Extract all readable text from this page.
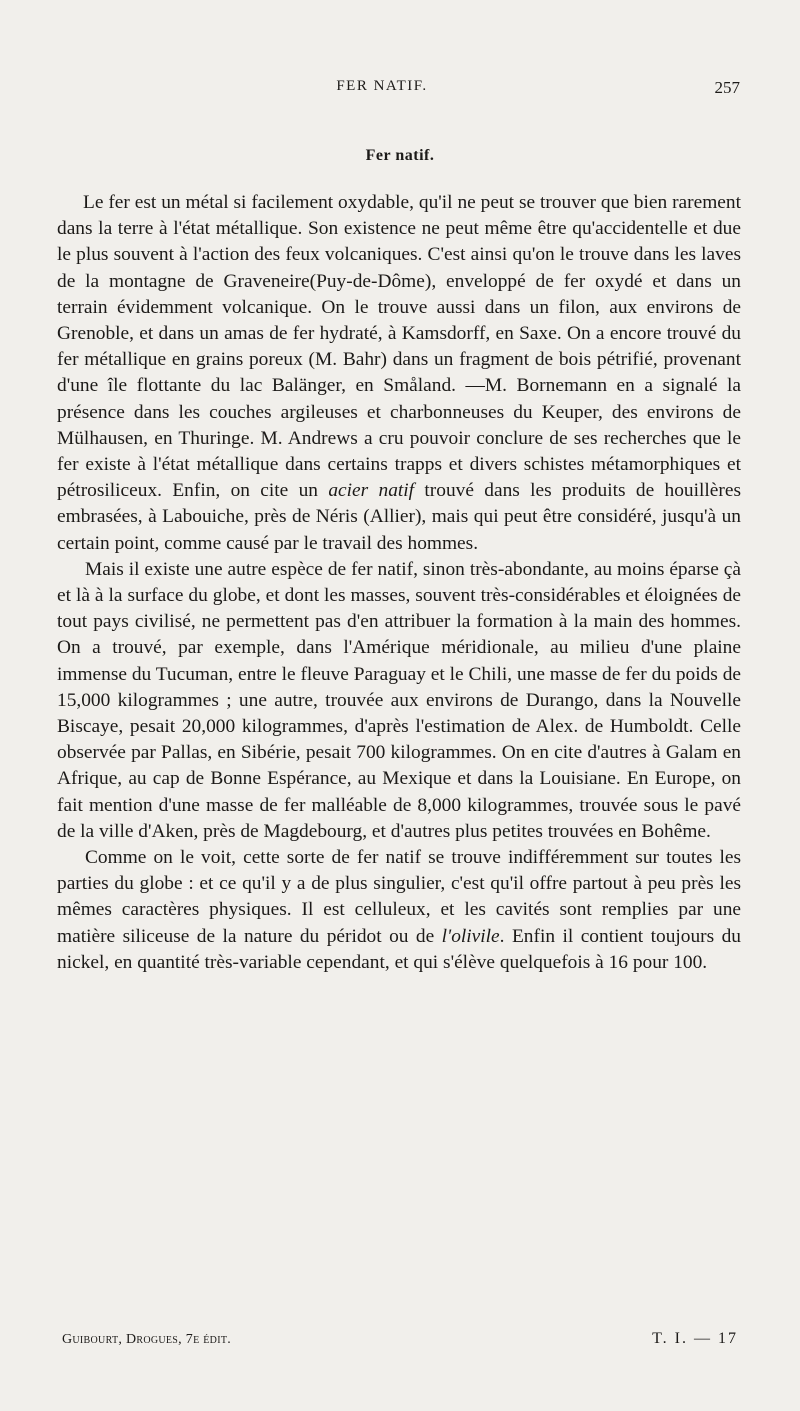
FER NATIF.	257
Fer natif.

Le fer est un métal si facilement oxydable, qu'il ne peut se trouver que bien rarement dans la terre à l'état métallique. Son existence ne peut même être qu'accidentelle et due le plus souvent à l'action des feux volcaniques. C'est ainsi qu'on le trouve dans les laves de la montagne de Graveneire(Puy-de-Dôme), enveloppé de fer oxydé et dans un terrain évidemment volcanique. On le trouve aussi dans un filon, aux environs de Grenoble, et dans un amas de fer hydraté, à Kamsdorff, en Saxe. On a encore trouvé du fer métallique en grains poreux (M. Bahr) dans un fragment de bois pétrifié, provenant d'une île flottante du lac Balänger, en Småland. —M. Bornemann en a signalé la présence dans les couches argileuses et charbonneuses du Keuper, des environs de Mülhausen, en Thuringe. M. Andrews a cru pouvoir conclure de ses recherches que le fer existe à l'état métallique dans certains trapps et divers schistes métamorphiques et pétrosiliceux. Enfin, on cite un acier natif trouvé dans les produits de houillères embrasées, à Labouiche, près de Néris (Allier), mais qui peut être considéré, jusqu'à un certain point, comme causé par le travail des hommes.

Mais il existe une autre espèce de fer natif, sinon très-abondante, au moins éparse çà et là à la surface du globe, et dont les masses, souvent très-considérables et éloignées de tout pays civilisé, ne permettent pas d'en attribuer la formation à la main des hommes. On a trouvé, par exemple, dans l'Amérique méridionale, au milieu d'une plaine immense du Tucuman, entre le fleuve Paraguay et le Chili, une masse de fer du poids de 15,000 kilogrammes ; une autre, trouvée aux environs de Durango, dans la Nouvelle Biscaye, pesait 20,000 kilogrammes, d'après l'estimation de Alex. de Humboldt. Celle observée par Pallas, en Sibérie, pesait 700 kilogrammes. On en cite d'autres à Galam en Afrique, au cap de Bonne Espérance, au Mexique et dans la Louisiane. En Europe, on fait mention d'une masse de fer malléable de 8,000 kilogrammes, trouvée sous le pavé de la ville d'Aken, près de Magdebourg, et d'autres plus petites trouvées en Bohême.

Comme on le voit, cette sorte de fer natif se trouve indifféremment sur toutes les parties du globe : et ce qu'il y a de plus singulier, c'est qu'il offre partout à peu près les mêmes caractères physiques. Il est celluleux, et les cavités sont remplies par une matière siliceuse de la nature du péridot ou de l'olivile. Enfin il contient toujours du nickel, en quantité très-variable cependant, et qui s'élève quelquefois à 16 pour 100.

Guibourt, Drogues, 7e édit.	T. I. — 17
